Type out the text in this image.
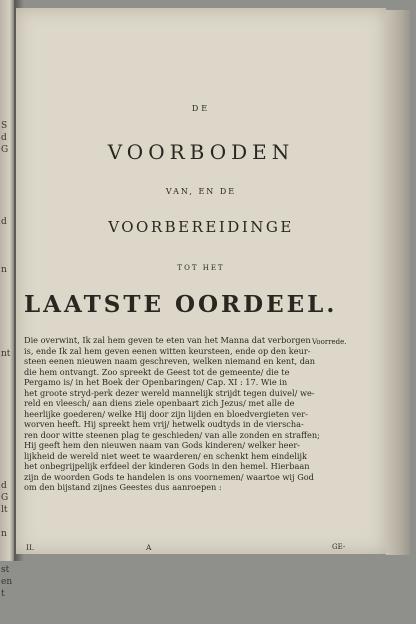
S
d
G

d

n

nt

d
G
lt

n

st
en
t

DE
VOORBODEN
VAN, EN DE
VOORBEREIDINGE
TOT HET
LAATSTE OORDEEL.
Voorrede.
Die overwint, Ik zal hem geven te eten van het Manna dat verborgen
is, ende Ik zal hem geven eenen witten keursteen, ende op den keur-
steen eenen nieuwen naam geschreven, welken niemand en kent, dan
die hem ontvangt. Zoo spreekt de Geest tot de gemeente/ die te
Pergamo is/ in het Boek der Openbaringen/ Cap. XI : 17. Wie in
het groote stryd-perk dezer wereld mannelijk strijdt tegen duivel/ we-
reld en vleesch/ aan diens ziele openbaart zich Jezus/ met alle de
heerlijke goederen/ welke Hij door zijn lijden en bloedvergieten ver-
worven heeft. Hij spreekt hem vrij/ hetwelk oudtyds in de vierscha-
ren door witte steenen plag te geschieden/ van alle zonden en straffen;
Hij geeft hem den nieuwen naam van Gods kinderen/ welker heer-
lijkheid de wereld niet weet te waarderen/ en schenkt hem eindelijk
het onbegrijpelijk erfdeel der kinderen Gods in den hemel. Hierbaan
zijn de woorden Gods te handelen is ons voornemen/ waartoe wij God
om den bijstand zijnes Geestes dus aanroepen :
II.	A	GE-
